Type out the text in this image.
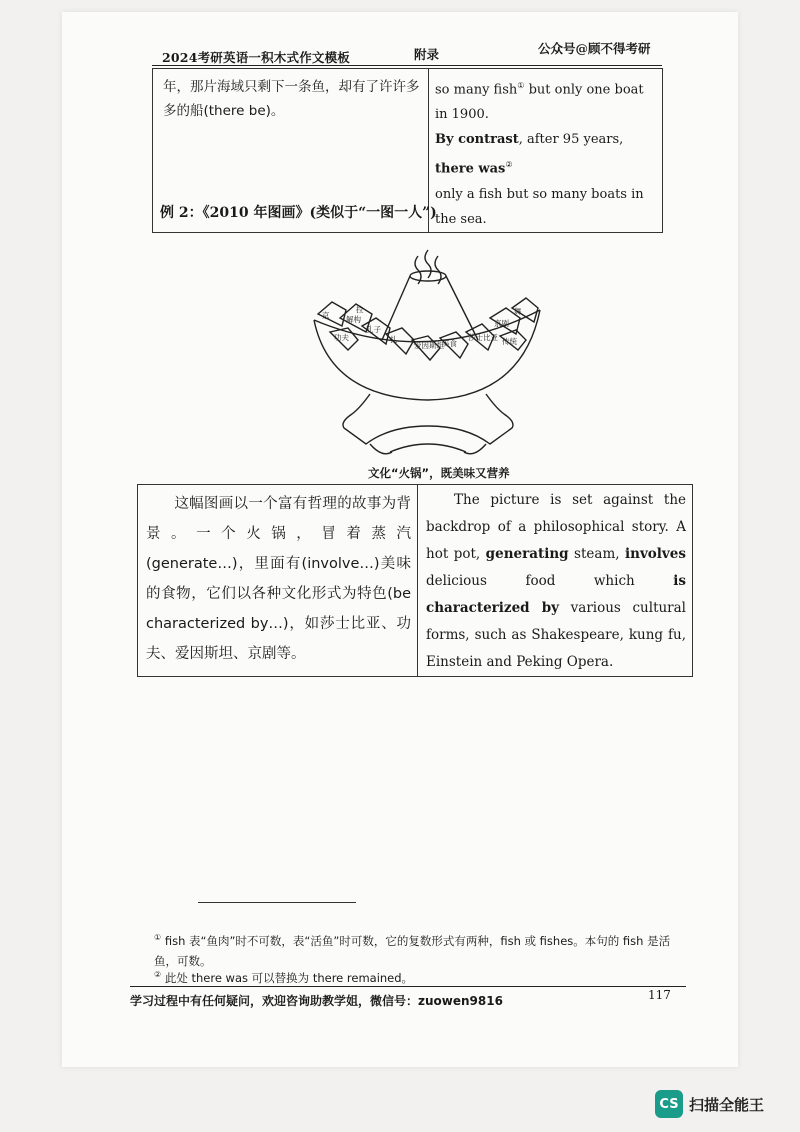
2024考研英语一积木式作文模板	附录	公众号@顾不得考研
年，那片海域只剩下一条鱼，却有了许许多多的船(there be)。	so many fish① but only one boat in 1900.
By contrast, after 95 years, there was②
only a fish but so many boats in the sea.
例 2：《2010 年图画》(类似于“一图一人”)
京 解构
孔子
功夫	扎
爱因斯坦
美食
莎士比亚
京剧
舞
传统
拉
文化“火锅”，既美味又营养
这幅图画以一个富有哲理的故事为背景。一个火锅，冒着蒸汽(generate…)，里面有(involve…)美味的食物，它们以各种文化形式为特色(be characterized by…)，如莎士比亚、功夫、爱因斯坦、京剧等。	The picture is set against the backdrop of a philosophical story. A hot pot, generating steam, involves delicious food which is characterized by various cultural forms, such as Shakespeare, kung fu, Einstein and Peking Opera.
① fish 表“鱼肉”时不可数，表“活鱼”时可数，它的复数形式有两种，fish 或 fishes。本句的 fish 是活鱼，可数。
② 此处 there was 可以替换为 there remained。
学习过程中有任何疑问，欢迎咨询助教学姐，微信号：zuowen9816	117
CS 扫描全能王
